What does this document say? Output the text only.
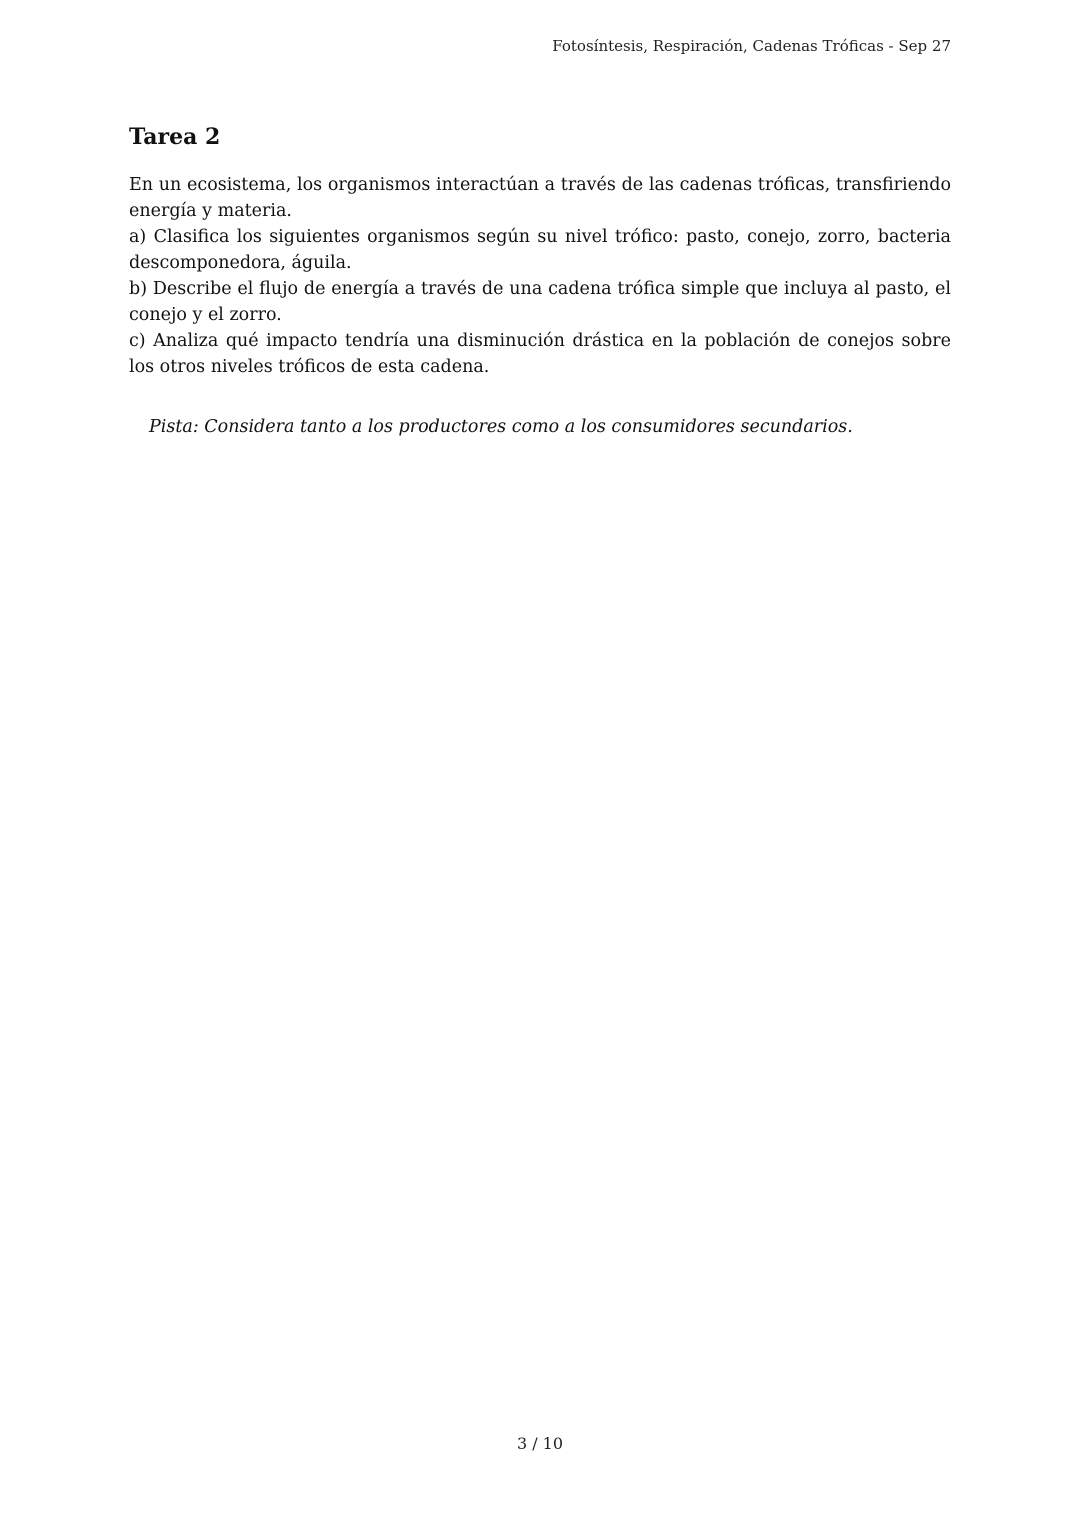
Fotosíntesis, Respiración, Cadenas Tróficas - Sep 27
Tarea 2

En un ecosistema, los organismos interactúan a través de las cadenas tróficas, transfiriendo energía y materia.

a) Clasifica los siguientes organismos según su nivel trófico: pasto, conejo, zorro, bacteria descomponedora, águila.

b) Describe el flujo de energía a través de una cadena trófica simple que incluya al pasto, el conejo y el zorro.

c) Analiza qué impacto tendría una disminución drástica en la población de conejos sobre los otros niveles tróficos de esta cadena.

Pista: Considera tanto a los productores como a los consumidores secundarios.
3 / 10
